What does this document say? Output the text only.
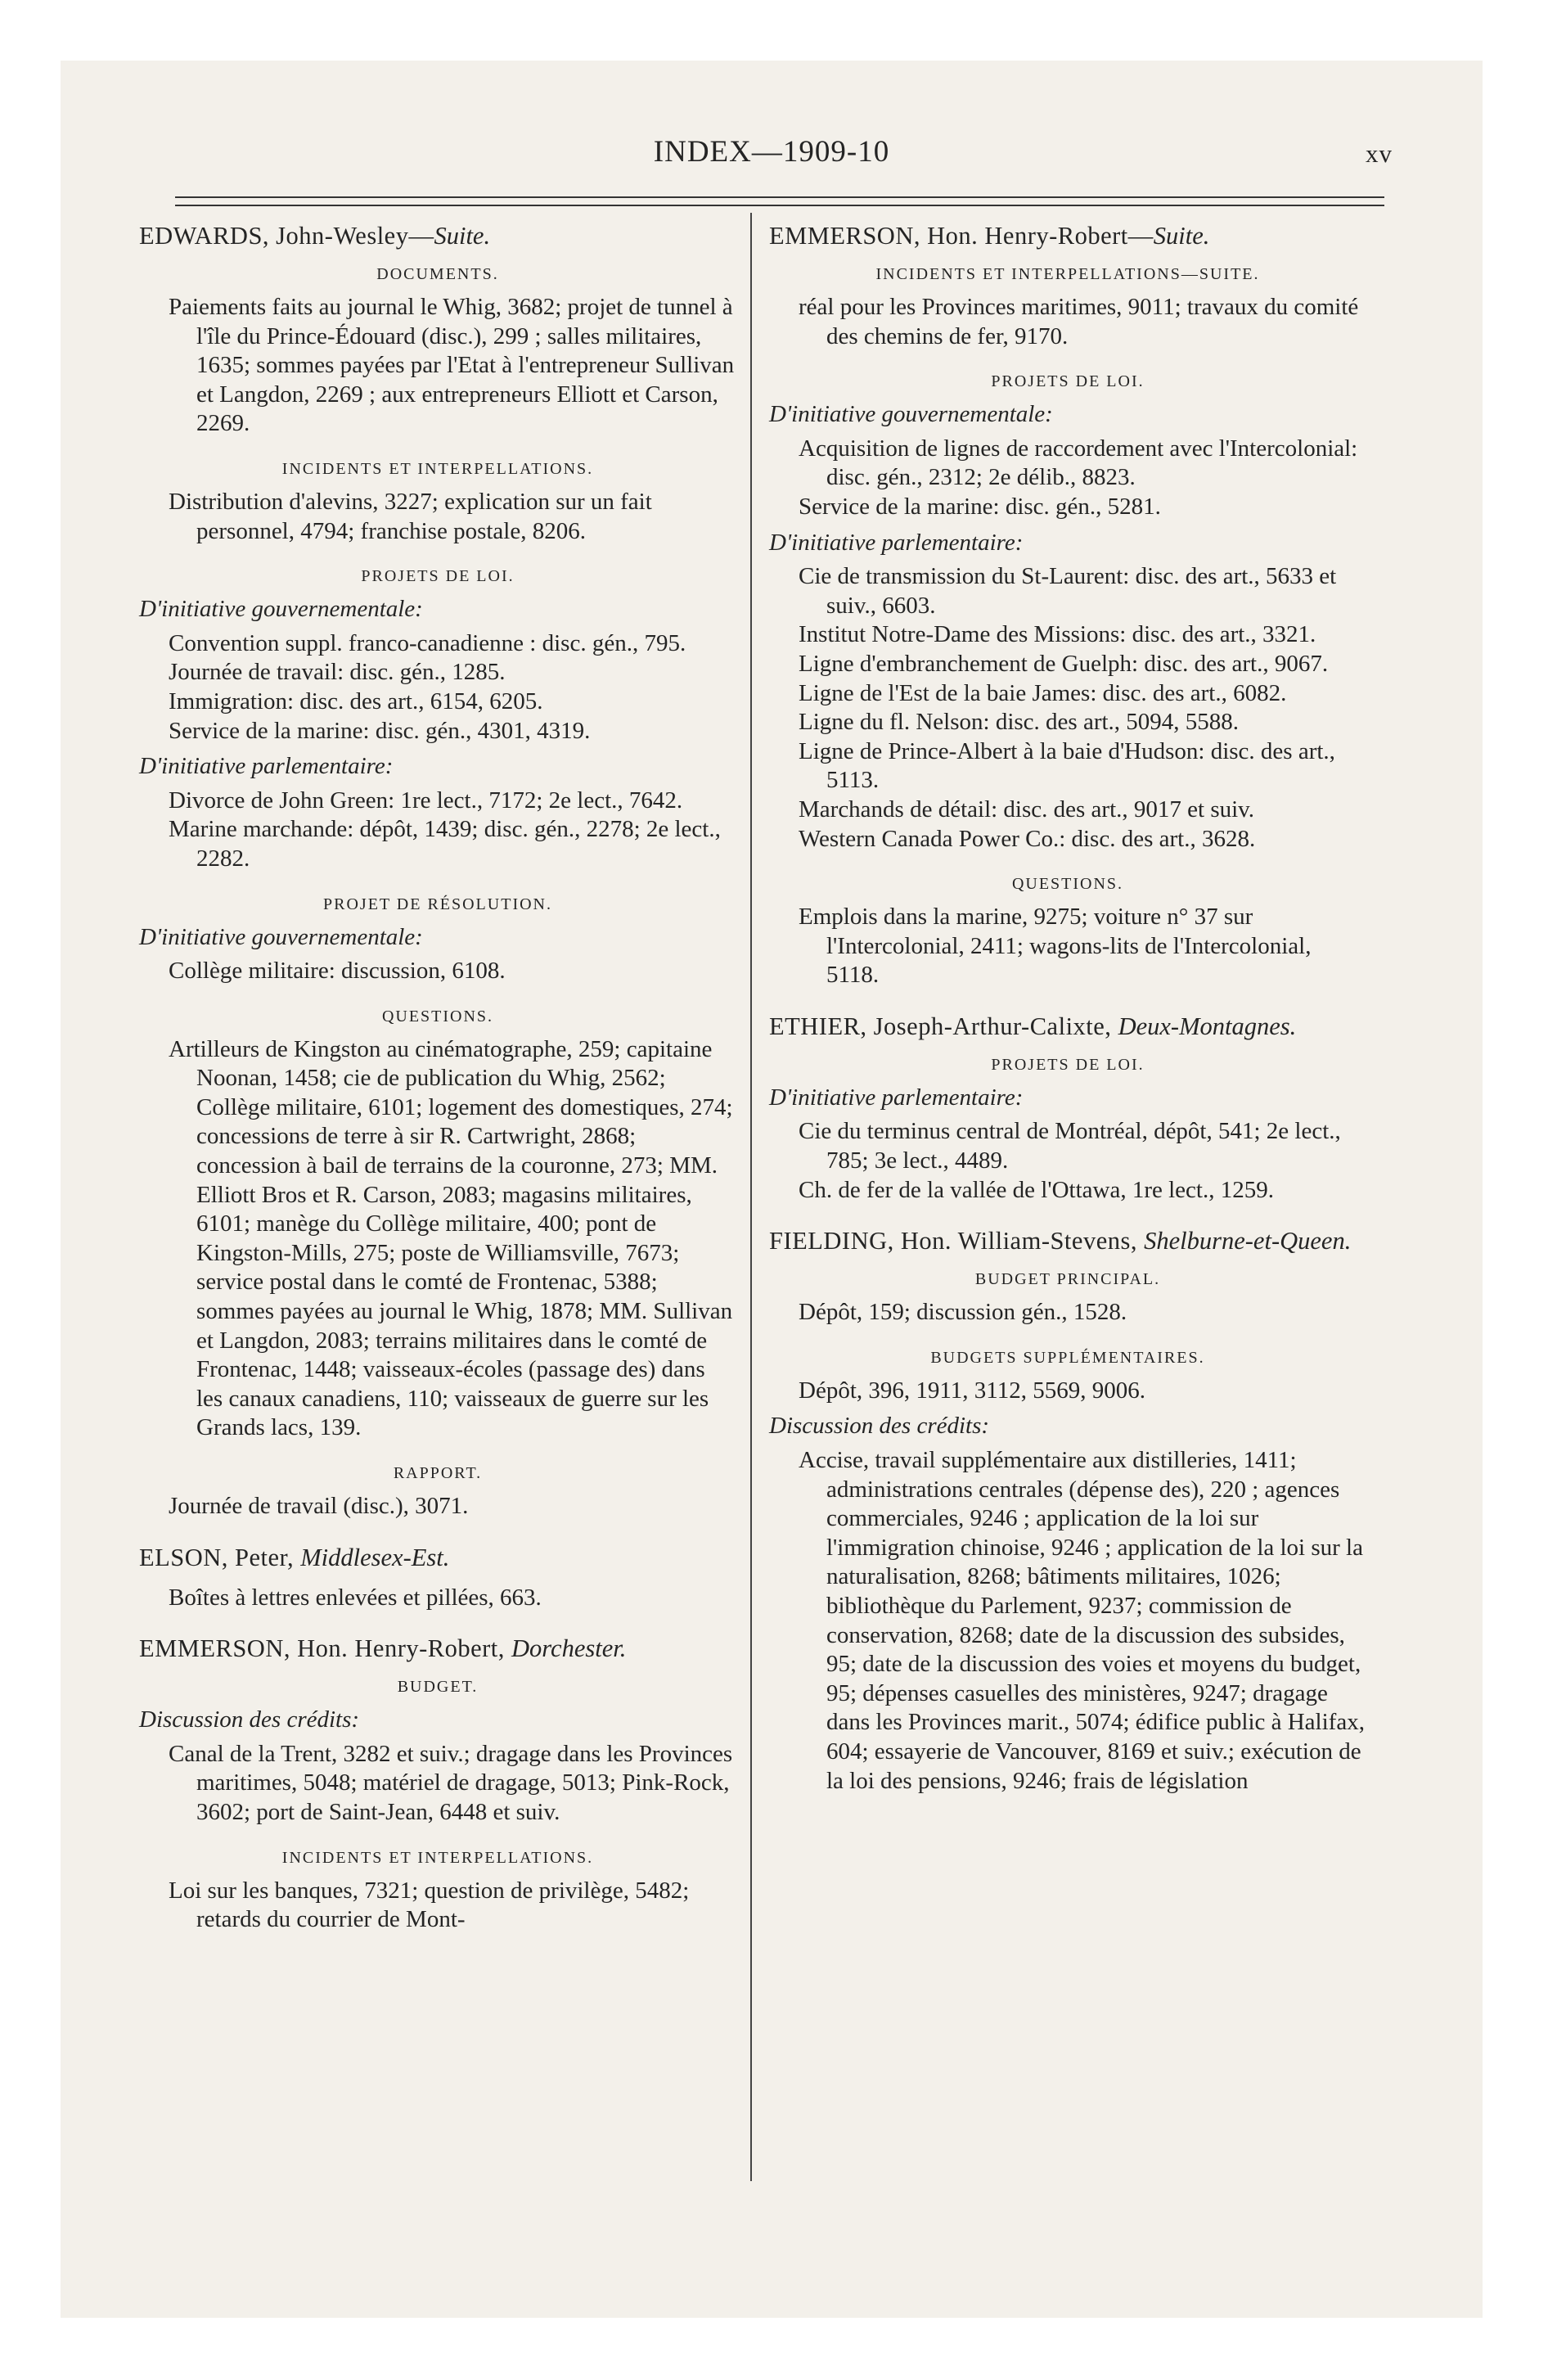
INDEX—1909-10	xv
EDWARDS, John-Wesley—Suite.
DOCUMENTS.

Paiements faits au journal le Whig, 3682; projet de tunnel à l'île du Prince-Édouard (disc.), 299 ; salles militaires, 1635; sommes payées par l'Etat à l'entrepreneur Sullivan et Langdon, 2269 ; aux entrepreneurs Elliott et Carson, 2269.

INCIDENTS ET INTERPELLATIONS.

Distribution d'alevins, 3227; explication sur un fait personnel, 4794; franchise postale, 8206.

PROJETS DE LOI.

D'initiative gouvernementale:

Convention suppl. franco-canadienne : disc. gén., 795.

Journée de travail: disc. gén., 1285.

Immigration: disc. des art., 6154, 6205.

Service de la marine: disc. gén., 4301, 4319.

D'initiative parlementaire:

Divorce de John Green: 1re lect., 7172; 2e lect., 7642.

Marine marchande: dépôt, 1439; disc. gén., 2278; 2e lect., 2282.

PROJET DE RÉSOLUTION.

D'initiative gouvernementale:

Collège militaire: discussion, 6108.

QUESTIONS.

Artilleurs de Kingston au cinématographe, 259; capitaine Noonan, 1458; cie de publication du Whig, 2562; Collège militaire, 6101; logement des domestiques, 274; concessions de terre à sir R. Cartwright, 2868; concession à bail de terrains de la couronne, 273; MM. Elliott Bros et R. Carson, 2083; magasins militaires, 6101; manège du Collège militaire, 400; pont de Kingston-Mills, 275; poste de Williamsville, 7673; service postal dans le comté de Frontenac, 5388; sommes payées au journal le Whig, 1878; MM. Sullivan et Langdon, 2083; terrains militaires dans le comté de Frontenac, 1448; vaisseaux-écoles (passage des) dans les canaux canadiens, 110; vaisseaux de guerre sur les Grands lacs, 139.

RAPPORT.

Journée de travail (disc.), 3071.

ELSON, Peter, Middlesex-Est.

Boîtes à lettres enlevées et pillées, 663.

EMMERSON, Hon. Henry-Robert, Dorchester.
BUDGET.

Discussion des crédits:

Canal de la Trent, 3282 et suiv.; dragage dans les Provinces maritimes, 5048; matériel de dragage, 5013; Pink-Rock, 3602; port de Saint-Jean, 6448 et suiv.

INCIDENTS ET INTERPELLATIONS.

Loi sur les banques, 7321; question de privilège, 5482; retards du courrier de Mont-

EMMERSON, Hon. Henry-Robert—Suite.
INCIDENTS ET INTERPELLATIONS—SUITE.

réal pour les Provinces maritimes, 9011; travaux du comité des chemins de fer, 9170.

PROJETS DE LOI.

D'initiative gouvernementale:

Acquisition de lignes de raccordement avec l'Intercolonial: disc. gén., 2312; 2e délib., 8823.

Service de la marine: disc. gén., 5281.

D'initiative parlementaire:

Cie de transmission du St-Laurent: disc. des art., 5633 et suiv., 6603.

Institut Notre-Dame des Missions: disc. des art., 3321.

Ligne d'embranchement de Guelph: disc. des art., 9067.

Ligne de l'Est de la baie James: disc. des art., 6082.

Ligne du fl. Nelson: disc. des art., 5094, 5588.

Ligne de Prince-Albert à la baie d'Hudson: disc. des art., 5113.

Marchands de détail: disc. des art., 9017 et suiv.

Western Canada Power Co.: disc. des art., 3628.

QUESTIONS.

Emplois dans la marine, 9275; voiture n° 37 sur l'Intercolonial, 2411; wagons-lits de l'Intercolonial, 5118.

ETHIER, Joseph-Arthur-Calixte, Deux-Montagnes.
PROJETS DE LOI.

D'initiative parlementaire:

Cie du terminus central de Montréal, dépôt, 541; 2e lect., 785; 3e lect., 4489.

Ch. de fer de la vallée de l'Ottawa, 1re lect., 1259.

FIELDING, Hon. William-Stevens, Shelburne-et-Queen.
BUDGET PRINCIPAL.

Dépôt, 159; discussion gén., 1528.

BUDGETS SUPPLÉMENTAIRES.

Dépôt, 396, 1911, 3112, 5569, 9006.

Discussion des crédits:

Accise, travail supplémentaire aux distilleries, 1411; administrations centrales (dépense des), 220 ; agences commerciales, 9246 ; application de la loi sur l'immigration chinoise, 9246 ; application de la loi sur la naturalisation, 8268; bâtiments militaires, 1026; bibliothèque du Parlement, 9237; commission de conservation, 8268; date de la discussion des subsides, 95; date de la discussion des voies et moyens du budget, 95; dépenses casuelles des ministères, 9247; dragage dans les Provinces marit., 5074; édifice public à Halifax, 604; essayerie de Vancouver, 8169 et suiv.; exécution de la loi des pensions, 9246; frais de législation
